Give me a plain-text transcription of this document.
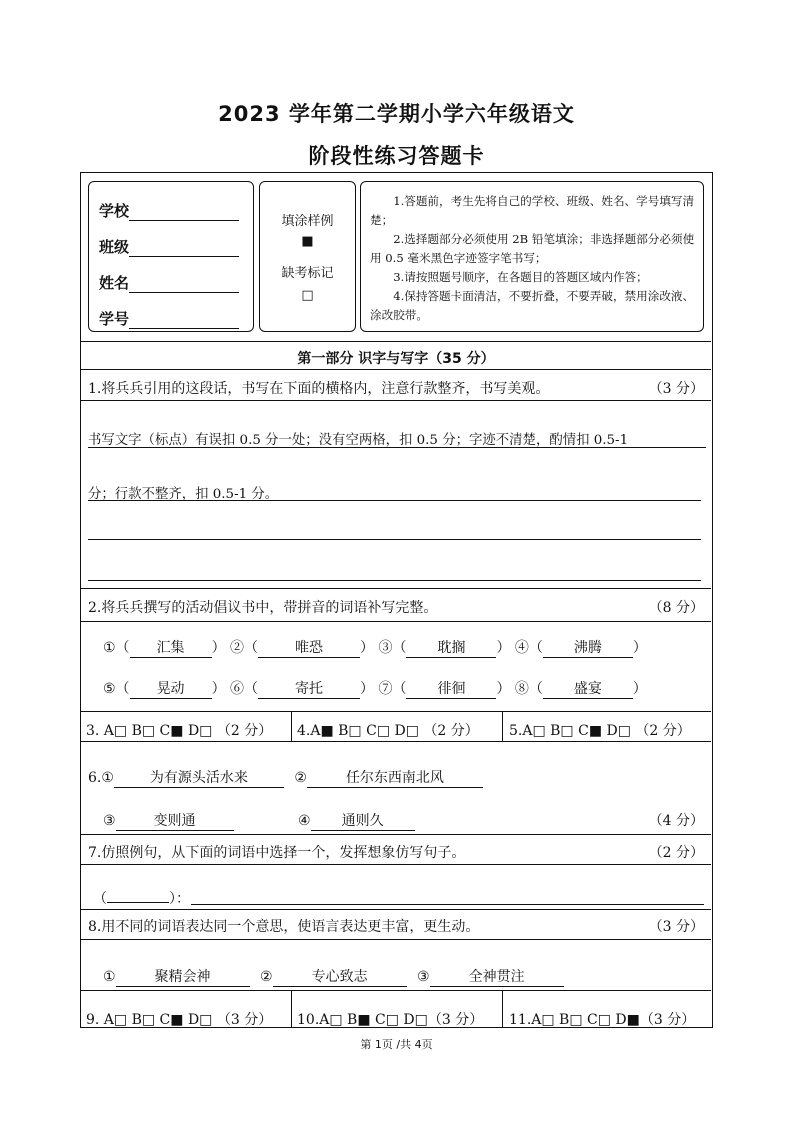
2023 学年第二学期小学六年级语文
阶段性练习答题卡
学校
班级
姓名
学号
填涂样例
■
缺考标记
□

1.答题前，考生先将自己的学校、班级、姓名、学号填写清楚；

2.选择题部分必须使用 2B 铅笔填涂；非选择题部分必须使用 0.5 毫米黑色字迹签字笔书写；

3.请按照题号顺序，在各题目的答题区域内作答；

4.保持答题卡面清洁，不要折叠，不要弄破，禁用涂改液、涂改胶带。

第一部分 识字与写字（35 分）
1.将兵兵引用的这段话，书写在下面的横格内，注意行款整齐，书写美观。	（3 分）
书写文字（标点）有误扣 0.5 分一处；没有空两格，扣 0.5 分；字迹不清楚，酌情扣 0.5-1
分；行款不整齐，扣 0.5-1 分。
2.将兵兵撰写的活动倡议书中，带拼音的词语补写完整。	（8 分）
①（ 汇集 ） ②（	唯恐	） ③（ 耽搁 ） ④（ 沸腾 ）
⑤（ 晃动 ） ⑥（	寄托	） ⑦（ 徘徊 ） ⑧（ 盛宴 ）
3. A□ B□ C■ D□ （2 分） 4.A■ B□ C□ D□ （2 分） 5.A□ B□ C■ D□ （2 分）
6.①	为有源头活水来	②	任尔东西南北风
③	变则通	④ 通则久	（4 分）
7.仿照例句，从下面的词语中选择一个，发挥想象仿写句子。	（2 分）
（	）：
8.用不同的词语表达同一个意思，使语言表达更丰富，更生动。	（3 分）
①	聚精会神	②	专心致志	③	全神贯注
9. A□ B□ C■ D□ （3 分） 10.A□ B■ C□ D□（3 分） 11.A□ B□ C□ D■（3 分）
第 1页 /共 4页
